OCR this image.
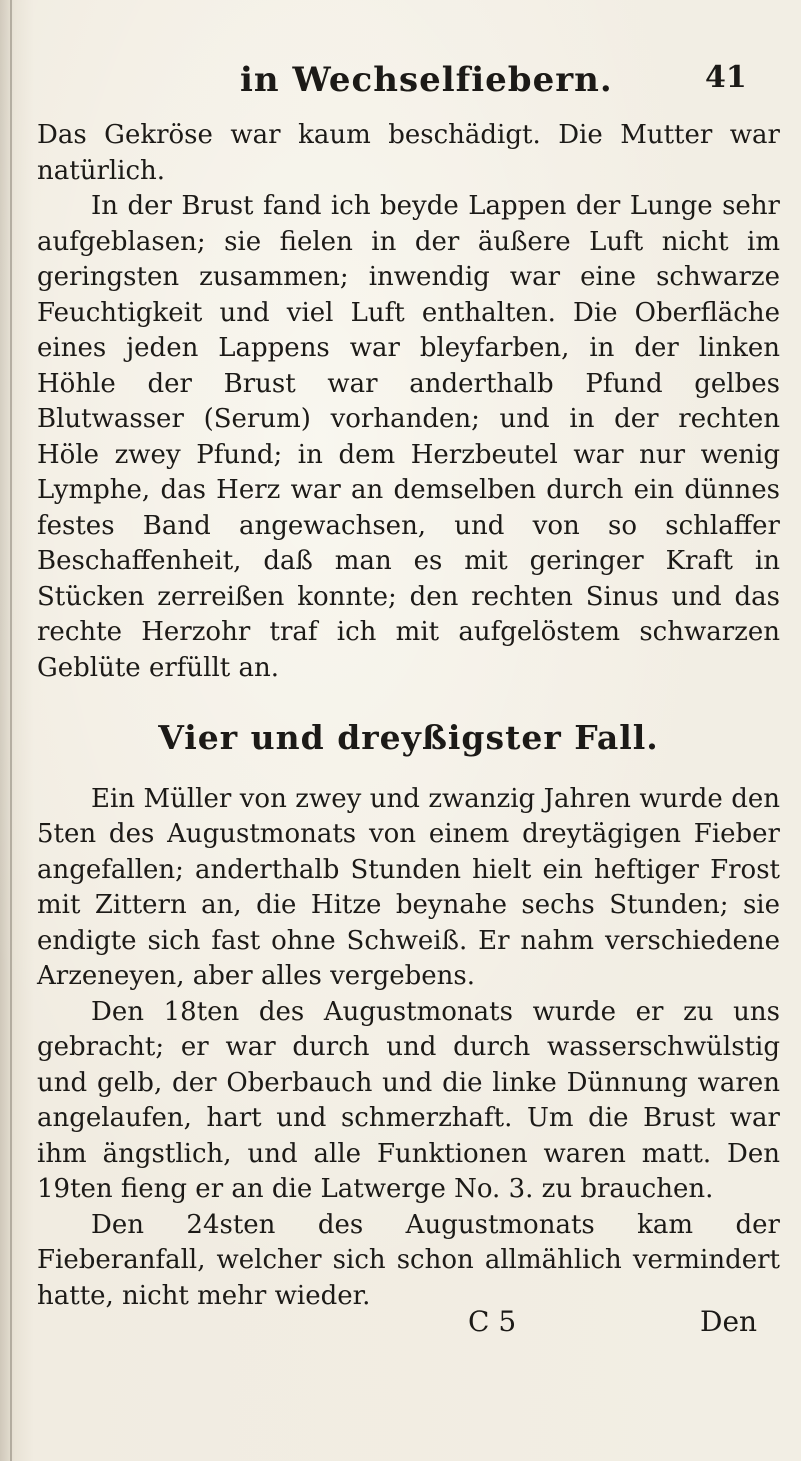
in Wechselfiebern.	41

Das Gekröse war kaum beschädigt. Die Mutter war natürlich.

In der Brust fand ich beyde Lappen der Lunge sehr aufgeblasen; sie fielen in der äußere Luft nicht im geringsten zusammen; inwendig war eine schwarze Feuchtigkeit und viel Luft enthalten. Die Oberfläche eines jeden Lappens war bleyfarben, in der linken Höhle der Brust war anderthalb Pfund gelbes Blutwasser (Serum) vorhanden; und in der rechten Höle zwey Pfund; in dem Herzbeutel war nur wenig Lymphe, das Herz war an demselben durch ein dünnes festes Band angewachsen, und von so schlaffer Beschaffenheit, daß man es mit geringer Kraft in Stücken zerreißen konnte; den rechten Sinus und das rechte Herzohr traf ich mit aufgelöstem schwarzen Geblüte erfüllt an.

Vier und dreyßigster Fall.

Ein Müller von zwey und zwanzig Jahren wurde den 5ten des Augustmonats von einem dreytägigen Fieber angefallen; anderthalb Stunden hielt ein heftiger Frost mit Zittern an, die Hitze beynahe sechs Stunden; sie endigte sich fast ohne Schweiß. Er nahm verschiedene Arzeneyen, aber alles vergebens.

Den 18ten des Augustmonats wurde er zu uns gebracht; er war durch und durch wasserschwülstig und gelb, der Oberbauch und die linke Dünnung waren angelaufen, hart und schmerzhaft. Um die Brust war ihm ängstlich, und alle Funktionen waren matt. Den 19ten fieng er an die Latwerge No. 3. zu brauchen.

Den 24sten des Augustmonats kam der Fieberanfall, welcher sich schon allmählich vermindert hatte, nicht mehr wieder.

C 5	Den
